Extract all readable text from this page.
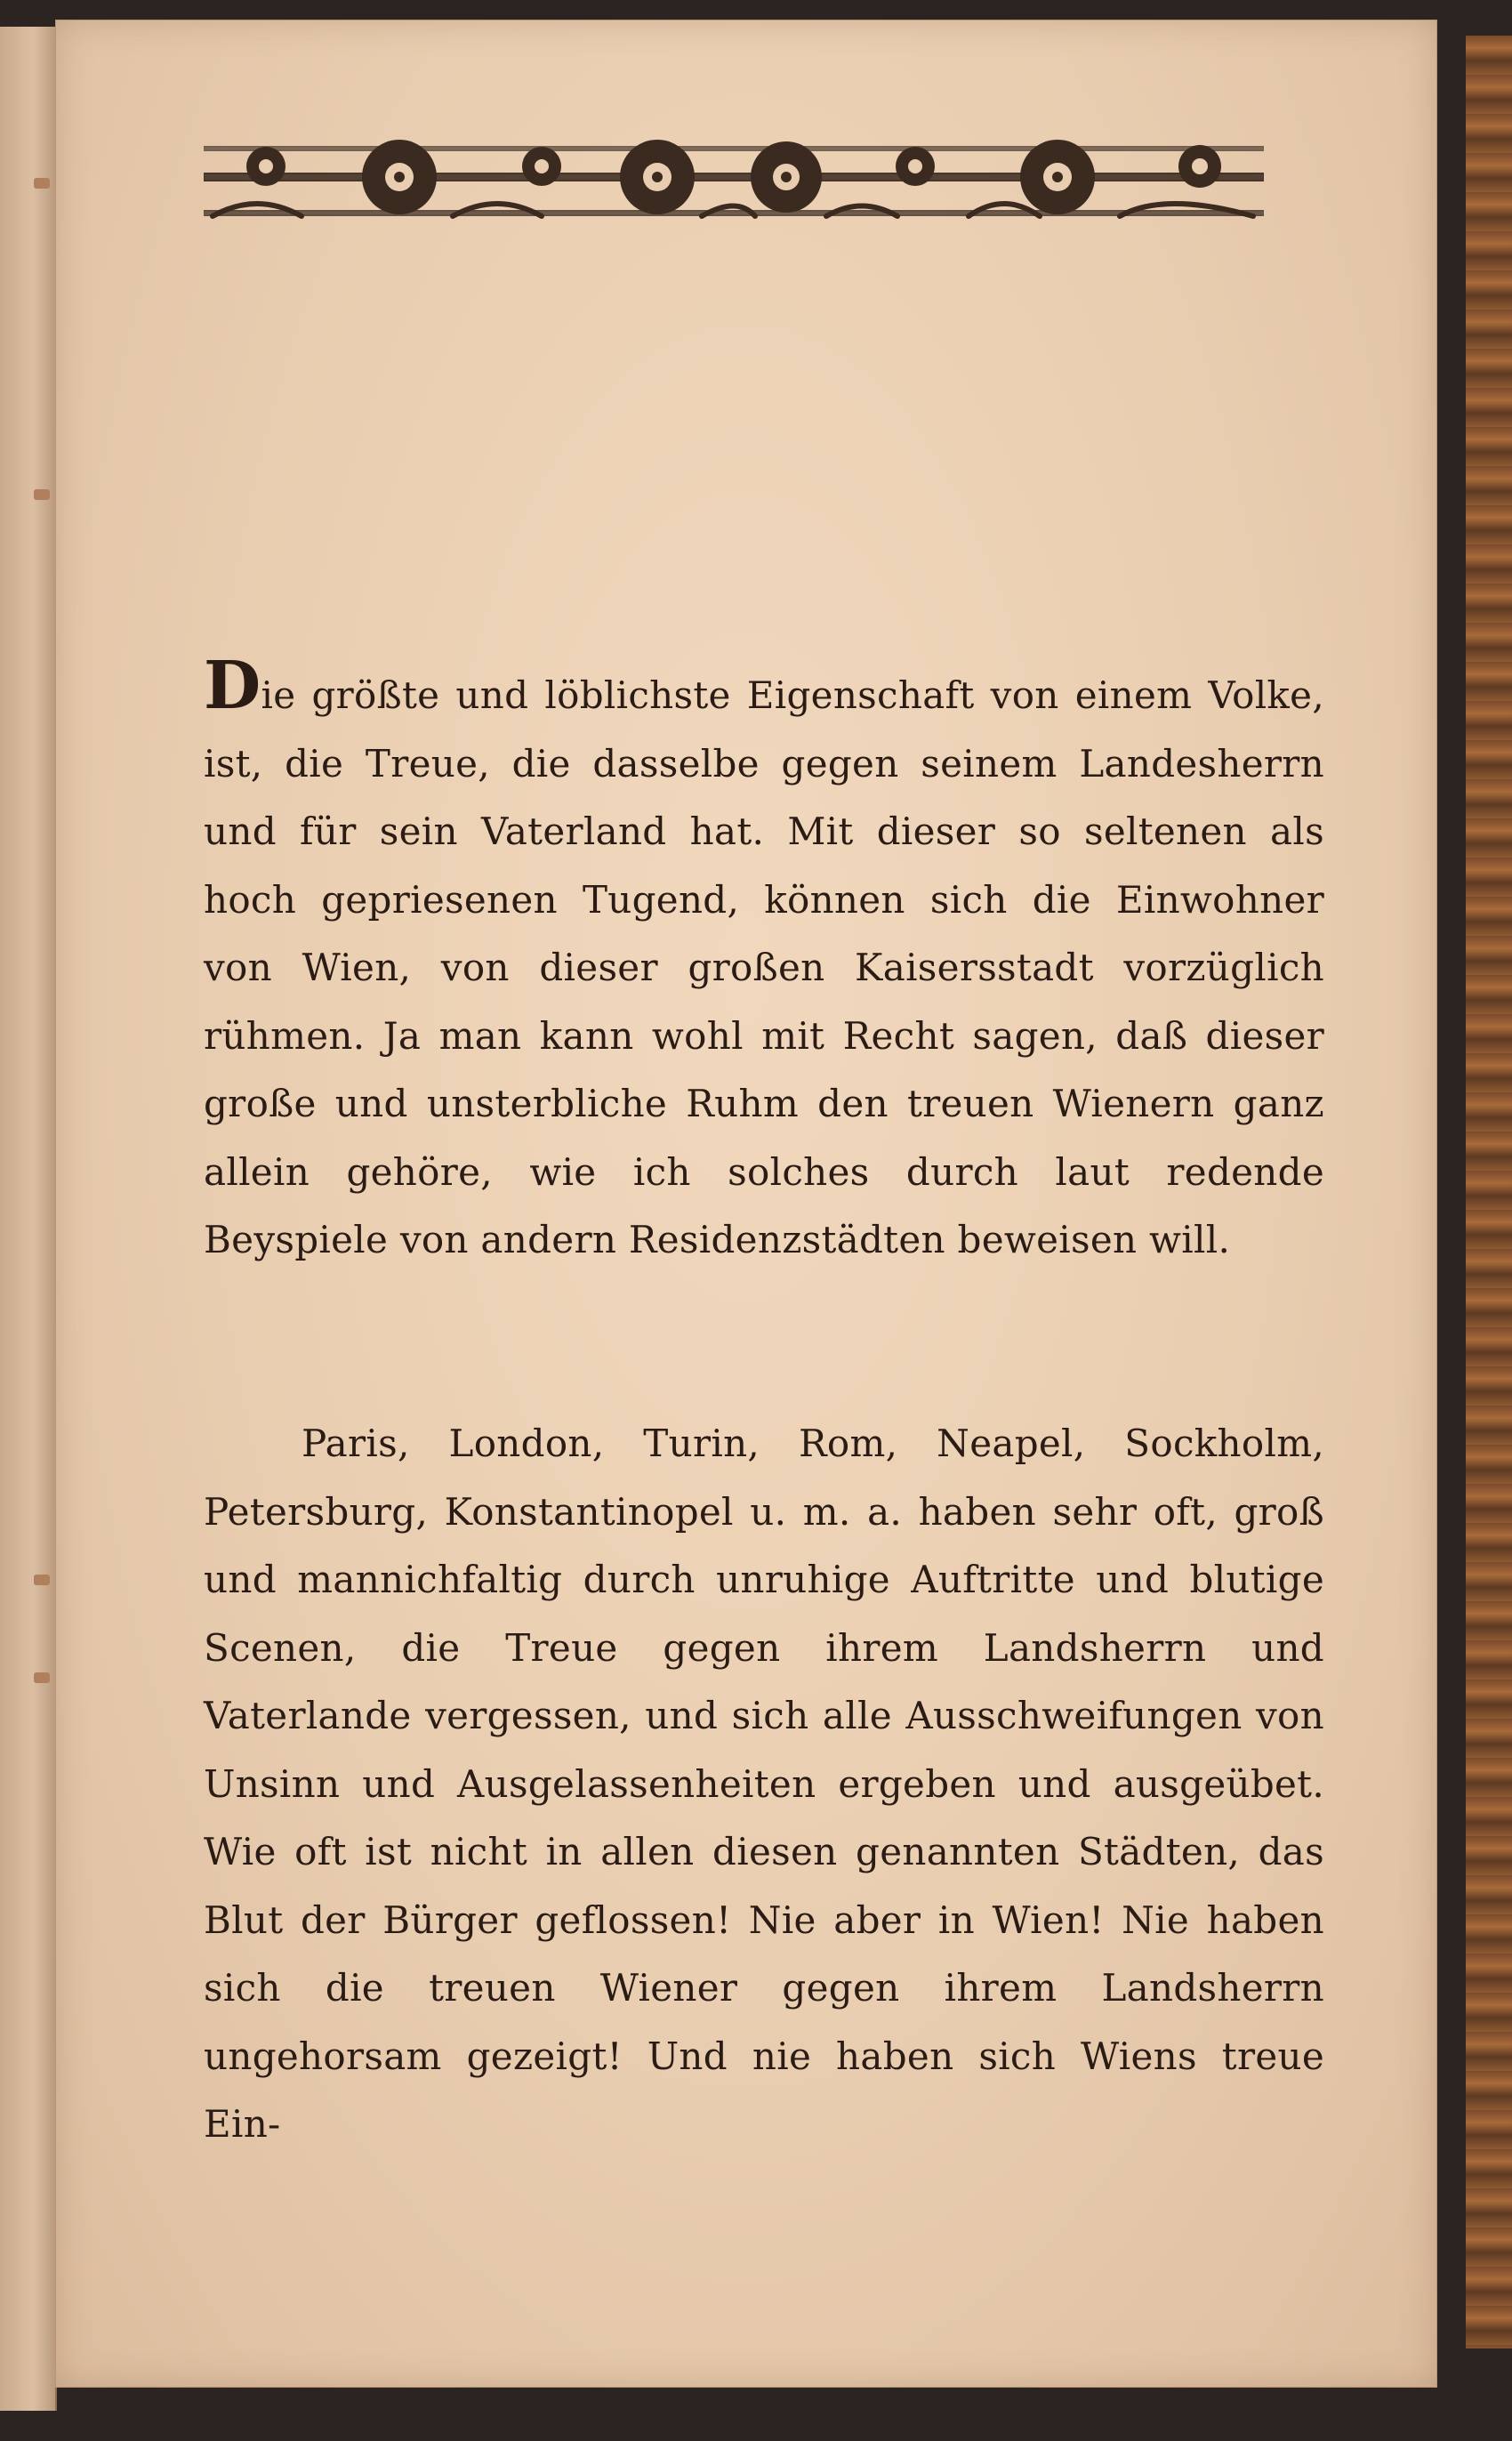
Die größte und löblichste Eigenschaft von einem Volke, ist, die Treue, die dasselbe gegen seinem Landesherrn und für sein Vaterland hat. Mit dieser so seltenen als hoch gepriesenen Tugend, können sich die Einwohner von Wien, von dieser großen Kaisersstadt vorzüglich rühmen. Ja man kann wohl mit Recht sagen, daß dieser große und unsterbliche Ruhm den treuen Wienern ganz allein gehöre, wie ich solches durch laut redende Beyspiele von andern Residenzstädten beweisen will.
Paris, London, Turin, Rom, Neapel, Sockholm, Petersburg, Konstantinopel u. m. a. haben sehr oft, groß und mannichfaltig durch unruhige Auftritte und blutige Scenen, die Treue gegen ihrem Landsherrn und Vaterlande vergessen, und sich alle Ausschweifungen von Unsinn und Ausgelassenheiten ergeben und ausgeübet. Wie oft ist nicht in allen diesen genannten Städten, das Blut der Bürger geflossen! Nie aber in Wien! Nie haben sich die treuen Wiener gegen ihrem Landsherrn ungehorsam gezeigt! Und nie haben sich Wiens treue Ein-
